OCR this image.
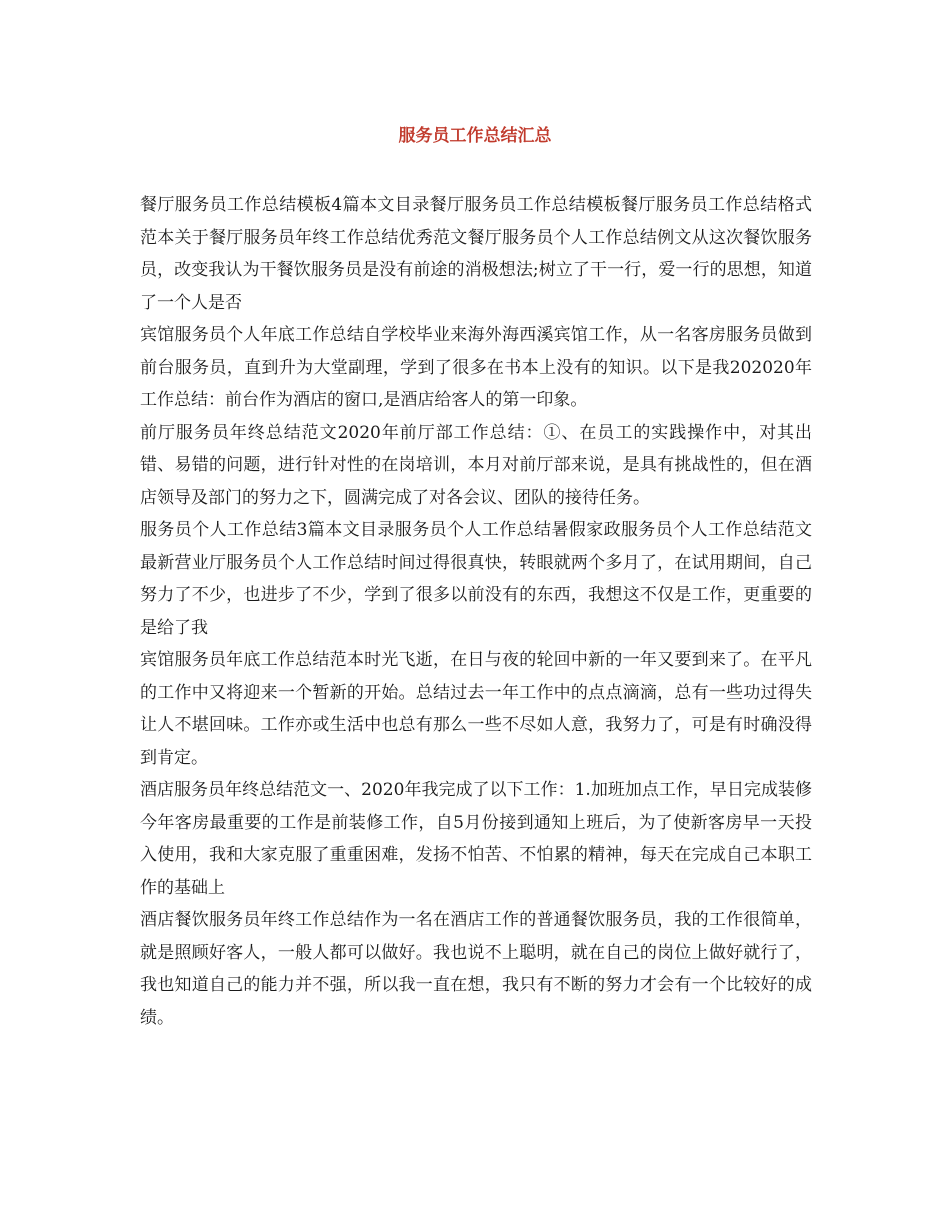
服务员工作总结汇总

餐厅服务员工作总结模板4篇本文目录餐厅服务员工作总结模板餐厅服务员工作总结格式范本关于餐厅服务员年终工作总结优秀范文餐厅服务员个人工作总结例文从这次餐饮服务员，改变我认为干餐饮服务员是没有前途的消极想法;树立了干一行，爱一行的思想，知道了一个人是否

宾馆服务员个人年底工作总结自学校毕业来海外海西溪宾馆工作，从一名客房服务员做到前台服务员，直到升为大堂副理，学到了很多在书本上没有的知识。以下是我202020年工作总结：前台作为酒店的窗口,是酒店给客人的第一印象。

前厅服务员年终总结范文2020年前厅部工作总结：①、在员工的实践操作中，对其出错、易错的问题，进行针对性的在岗培训，本月对前厅部来说，是具有挑战性的，但在酒店领导及部门的努力之下，圆满完成了对各会议、团队的接待任务。

服务员个人工作总结3篇本文目录服务员个人工作总结暑假家政服务员个人工作总结范文最新营业厅服务员个人工作总结时间过得很真快，转眼就两个多月了，在试用期间，自己努力了不少，也进步了不少，学到了很多以前没有的东西，我想这不仅是工作，更重要的是给了我

宾馆服务员年底工作总结范本时光飞逝，在日与夜的轮回中新的一年又要到来了。在平凡的工作中又将迎来一个暂新的开始。总结过去一年工作中的点点滴滴，总有一些功过得失让人不堪回味。工作亦或生活中也总有那么一些不尽如人意，我努力了，可是有时确没得到肯定。

酒店服务员年终总结范文一、2020年我完成了以下工作：1.加班加点工作，早日完成装修今年客房最重要的工作是前装修工作，自5月份接到通知上班后，为了使新客房早一天投入使用，我和大家克服了重重困难，发扬不怕苦、不怕累的精神，每天在完成自己本职工作的基础上

酒店餐饮服务员年终工作总结作为一名在酒店工作的普通餐饮服务员，我的工作很简单，就是照顾好客人，一般人都可以做好。我也说不上聪明，就在自己的岗位上做好就行了，我也知道自己的能力并不强，所以我一直在想，我只有不断的努力才会有一个比较好的成绩。
